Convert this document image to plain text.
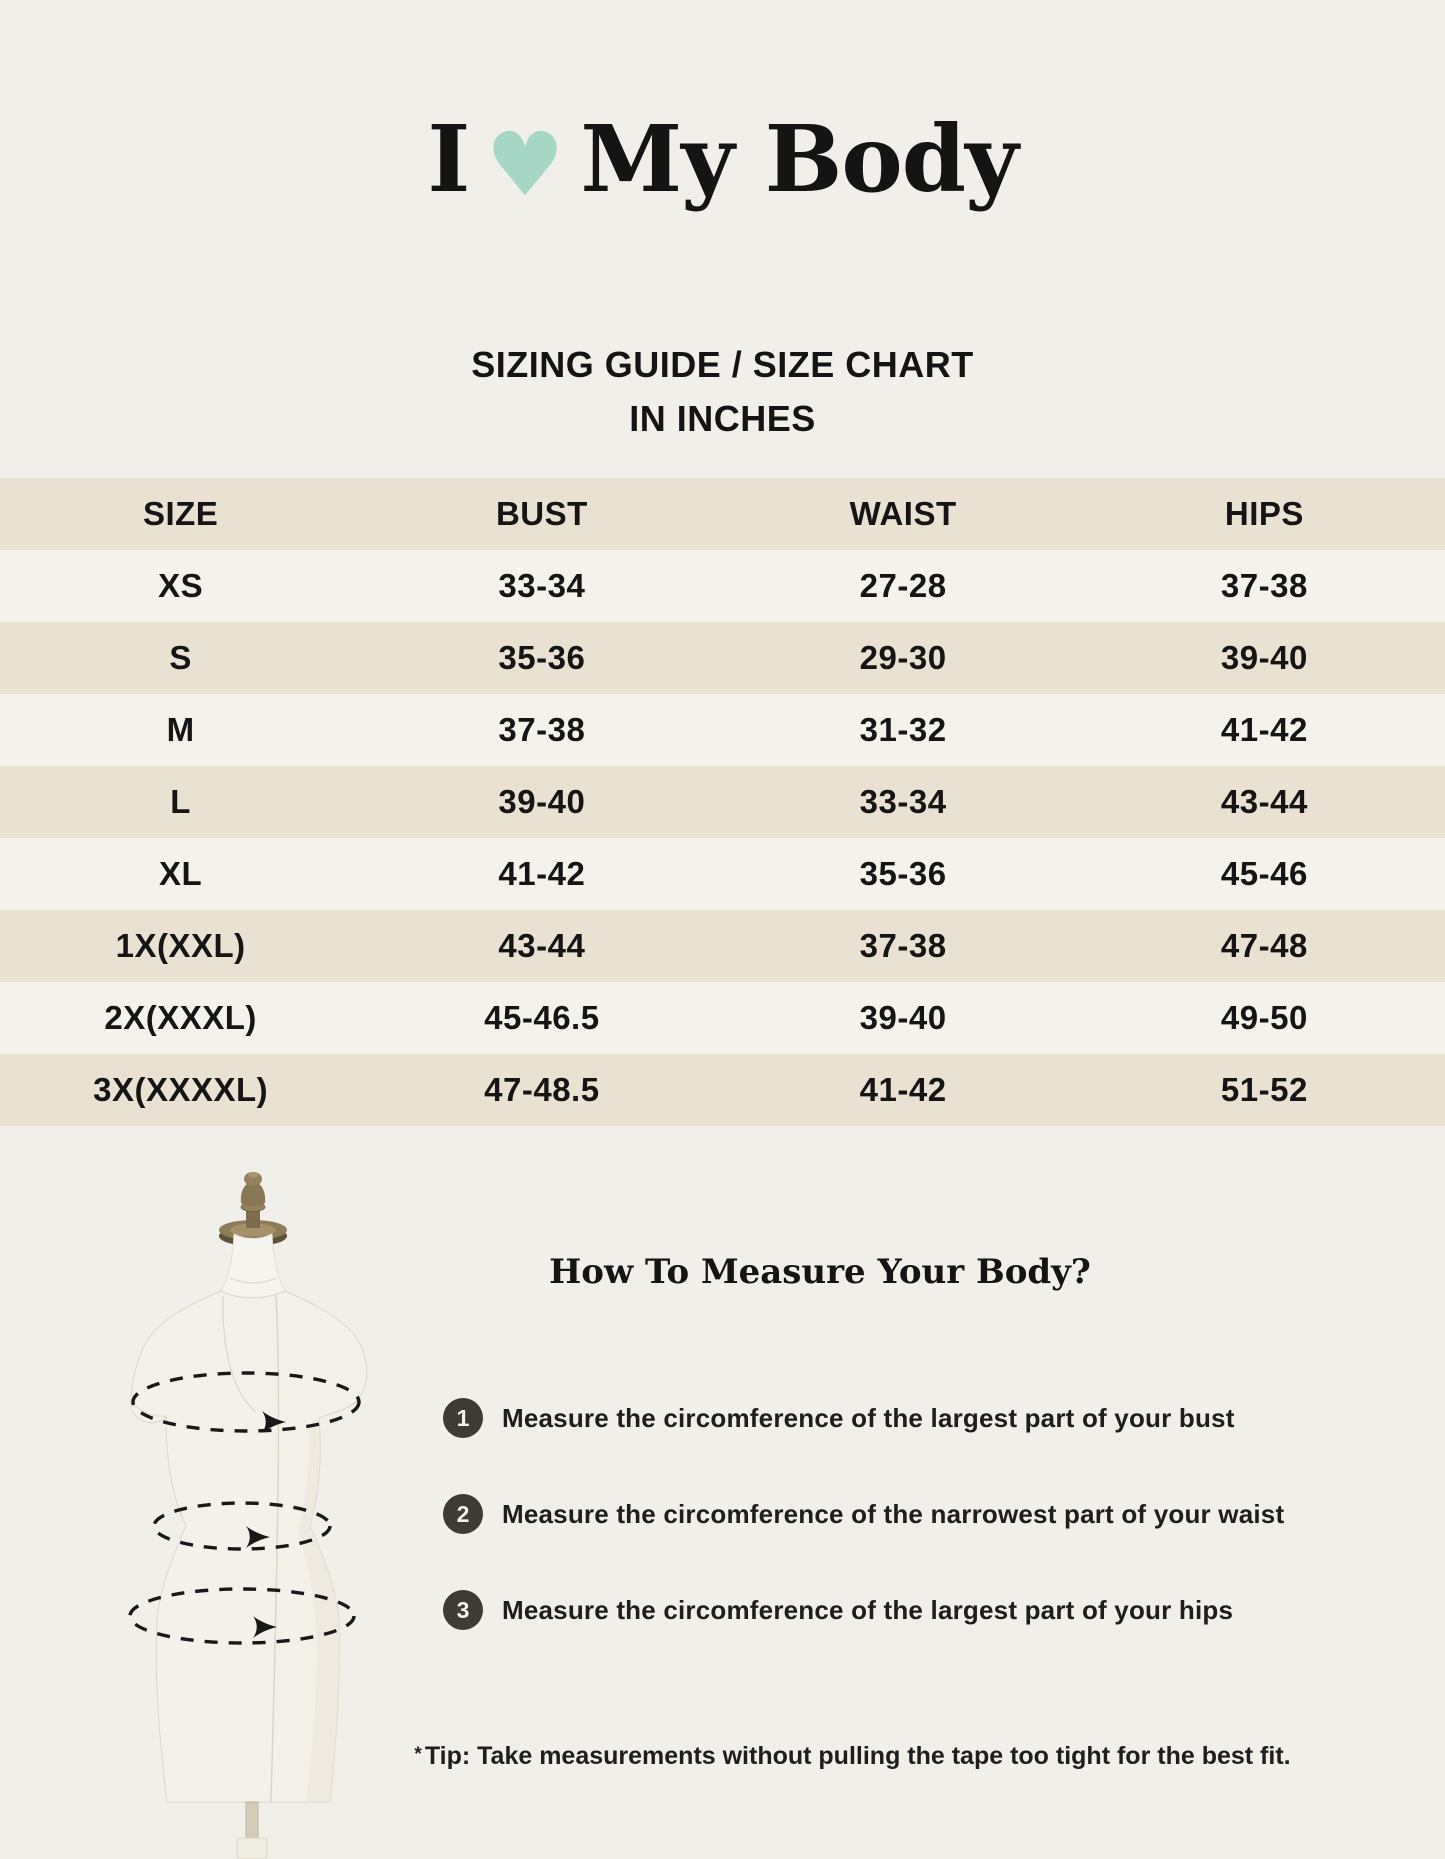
I ♥ My Body
SIZING GUIDE / SIZE CHART
IN INCHES
SIZE	BUST	WAIST	HIPS
XS	33-34	27-28	37-38
S	35-36	29-30	39-40
M	37-38	31-32	41-42
L	39-40	33-34	43-44
XL	41-42	35-36	45-46
1X(XXL)	43-44	37-38	47-48
2X(XXXL)	45-46.5	39-40	49-50
3X(XXXXL)	47-48.5	41-42	51-52
How To Measure Your Body?
1	Measure the circomference of the largest part of your bust
2	Measure the circomference of the narrowest part of your waist
3	Measure the circomference of the largest part of your hips
* Tip: Take measurements without pulling the tape too tight for the best fit.
